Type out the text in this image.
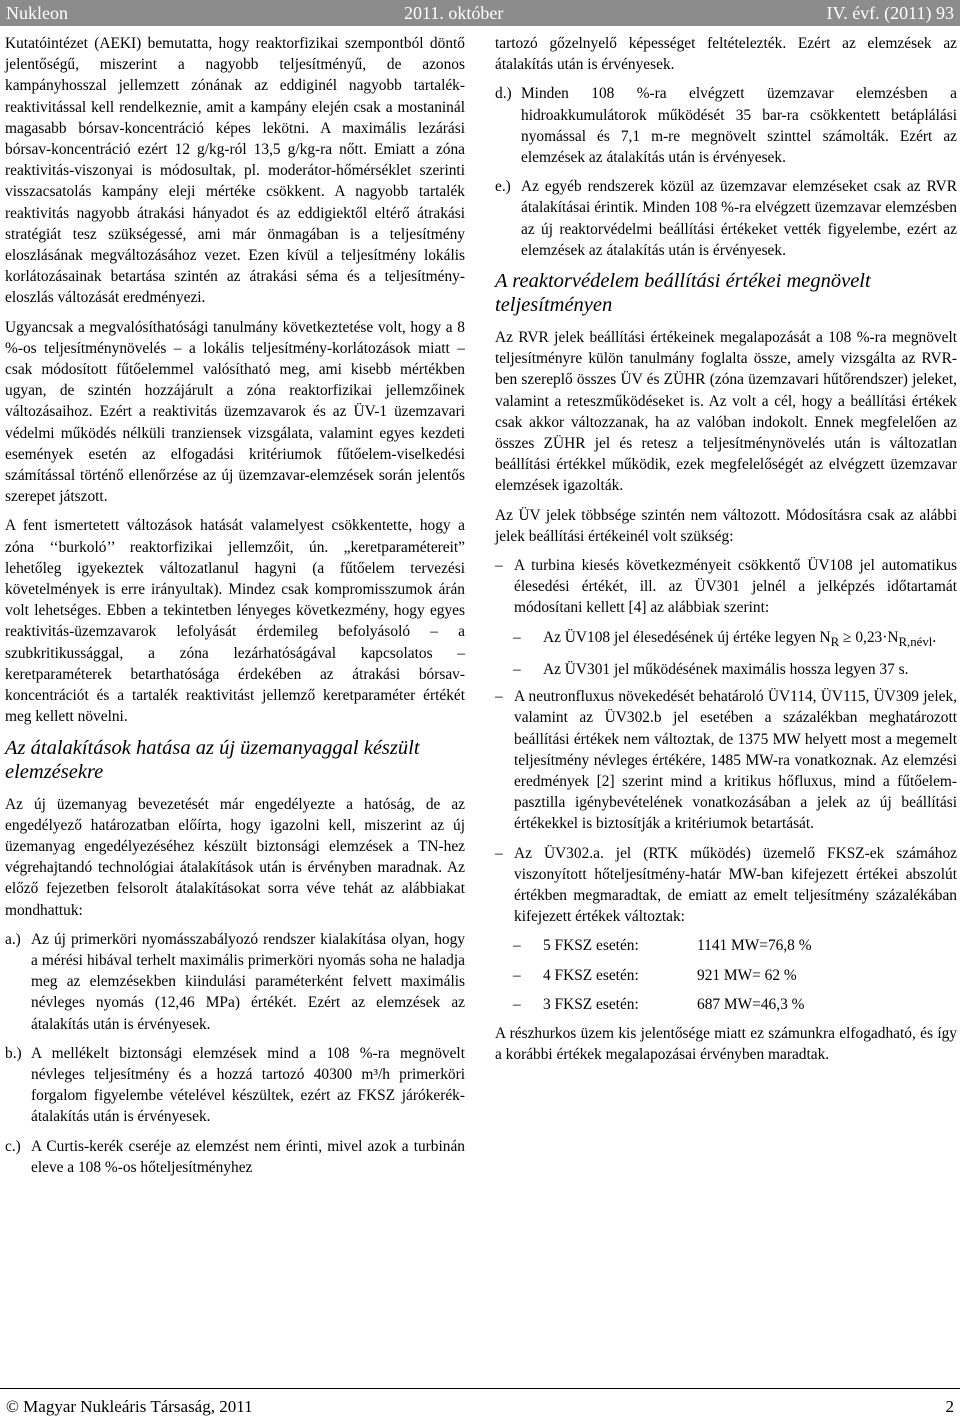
Nukleon	2011. október	IV. évf. (2011) 93

Kutatóintézet (AEKI) bemutatta, hogy reaktorfizikai szempontból döntő jelentőségű, miszerint a nagyobb teljesítményű, de azonos kampányhosszal jellemzett zónának az eddiginél nagyobb tartalék-reaktivitással kell rendelkeznie, amit a kampány elején csak a mostaninál magasabb bórsav-koncentráció képes lekötni. A maximális lezárási bórsav-koncentráció ezért 12 g/kg-ról 13,5 g/kg-ra nőtt. Emiatt a zóna reaktivitás-viszonyai is módosultak, pl. moderátor-hőmérséklet szerinti visszacsatolás kampány eleji mértéke csökkent. A nagyobb tartalék reaktivitás nagyobb átrakási hányadot és az eddigiektől eltérő átrakási stratégiát tesz szükségessé, ami már önmagában is a teljesítmény eloszlásának megváltozásához vezet. Ezen kívül a teljesítmény lokális korlátozásainak betartása szintén az átrakási séma és a teljesítmény-eloszlás változását eredményezi.

Ugyancsak a megvalósíthatósági tanulmány következtetése volt, hogy a 8 %-os teljesítménynövelés – a lokális teljesítmény-korlátozások miatt – csak módosított fűtőelemmel valósítható meg, ami kisebb mértékben ugyan, de szintén hozzájárult a zóna reaktorfizikai jellemzőinek változásaihoz. Ezért a reaktivitás üzemzavarok és az ÜV-1 üzemzavari védelmi működés nélküli tranziensek vizsgálata, valamint egyes kezdeti események esetén az elfogadási kritériumok fűtőelem-viselkedési számítással történő ellenőrzése az új üzemzavar-elemzések során jelentős szerepet játszott.

A fent ismertetett változások hatását valamelyest csökkentette, hogy a zóna ‘‘burkoló’’ reaktorfizikai jellemzőit, ún. „keretparamétereit” lehetőleg igyekeztek változatlanul hagyni (a fűtőelem tervezési követelmények is erre irányultak). Mindez csak kompromisszumok árán volt lehetséges. Ebben a tekintetben lényeges következmény, hogy egyes reaktivitás-üzemzavarok lefolyását érdemileg befolyásoló – a szubkritikussággal, a zóna lezárhatóságával kapcsolatos – keretparaméterek betarthatósága érdekében az átrakási bórsav-koncentrációt és a tartalék reaktivitást jellemző keretparaméter értékét meg kellett növelni.

Az átalakítások hatása az új üzemanyaggal készült elemzésekre

Az új üzemanyag bevezetését már engedélyezte a hatóság, de az engedélyező határozatban előírta, hogy igazolni kell, miszerint az új üzemanyag engedélyezéséhez készült biztonsági elemzések a TN-hez végrehajtandó technológiai átalakítások után is érvényben maradnak. Az előző fejezetben felsorolt átalakításokat sorra véve tehát az alábbiakat mondhattuk:

a.) Az új primerköri nyomásszabályozó rendszer kialakítása olyan, hogy a mérési hibával terhelt maximális primerköri nyomás soha ne haladja meg az elemzésekben kiindulási paraméterként felvett maximális névleges nyomás (12,46 MPa) értékét. Ezért az elemzések az átalakítás után is érvényesek.
b.) A mellékelt biztonsági elemzések mind a 108 %-ra megnövelt névleges teljesítmény és a hozzá tartozó 40300 m³/h primerköri forgalom figyelembe vételével készültek, ezért az FKSZ járókerék-átalakítás után is érvényesek.
c.) A Curtis-kerék cseréje az elemzést nem érinti, mivel azok a turbinán eleve a 108 %-os hőteljesítményhez

tartozó gőzelnyelő képességet feltételezték. Ezért az elemzések az átalakítás után is érvényesek.

d.) Minden 108 %-ra elvégzett üzemzavar elemzésben a hidroakkumulátorok működését 35 bar-ra csökkentett betáplálási nyomással és 7,1 m-re megnövelt szinttel számolták. Ezért az elemzések az átalakítás után is érvényesek.
e.) Az egyéb rendszerek közül az üzemzavar elemzéseket csak az RVR átalakításai érintik. Minden 108 %-ra elvégzett üzemzavar elemzésben az új reaktorvédelmi beállítási értékeket vették figyelembe, ezért az elemzések az átalakítás után is érvényesek.
A reaktorvédelem beállítási értékei megnövelt teljesítményen

Az RVR jelek beállítási értékeinek megalapozását a 108 %-ra megnövelt teljesítményre külön tanulmány foglalta össze, amely vizsgálta az RVR-ben szereplő összes ÜV és ZÜHR (zóna üzemzavari hűtőrendszer) jeleket, valamint a reteszműködéseket is. Az volt a cél, hogy a beállítási értékek csak akkor változzanak, ha az valóban indokolt. Ennek megfelelően az összes ZÜHR jel és retesz a teljesítménynövelés után is változatlan beállítási értékkel működik, ezek megfelelőségét az elvégzett üzemzavar elemzések igazolták.

Az ÜV jelek többsége szintén nem változott. Módosításra csak az alábbi jelek beállítási értékeinél volt szükség:

– A turbina kiesés következményeit csökkentő ÜV108 jel automatikus élesedési értékét, ill. az ÜV301 jelnél a jelképzés időtartamát módosítani kellett [4] az alábbiak szerint:
–	Az ÜV108 jel élesedésének új értéke legyen $N_R \ge 0,23\cdot N_{R,névl}$.
–	Az ÜV301 jel működésének maximális hossza legyen 37 s.
– A neutronfluxus növekedését behatároló ÜV114, ÜV115, ÜV309 jelek, valamint az ÜV302.b jel esetében a százalékban meghatározott beállítási értékek nem változtak, de 1375 MW helyett most a megemelt teljesítmény névleges értékére, 1485 MW-ra vonatkoznak. Az elemzési eredmények [2] szerint mind a kritikus hőfluxus, mind a fűtőelem-pasztilla igénybevételének vonatkozásában a jelek az új beállítási értékekkel is biztosítják a kritériumok betartását.
– Az ÜV302.a. jel (RTK működés) üzemelő FKSZ-ek számához viszonyított hőteljesítmény-határ MW-ban kifejezett értékei abszolút értékben megmaradtak, de emiatt az emelt teljesítmény százalékában kifejezett értékek változtak:
–	5 FKSZ esetén:	1141 MW=76,8 %
–	4 FKSZ esetén:	921 MW= 62 %
–	3 FKSZ esetén:	687 MW=46,3 %

A részhurkos üzem kis jelentősége miatt ez számunkra elfogadható, és így a korábbi értékek megalapozásai érvényben maradtak.

© Magyar Nukleáris Társaság, 2011	2
